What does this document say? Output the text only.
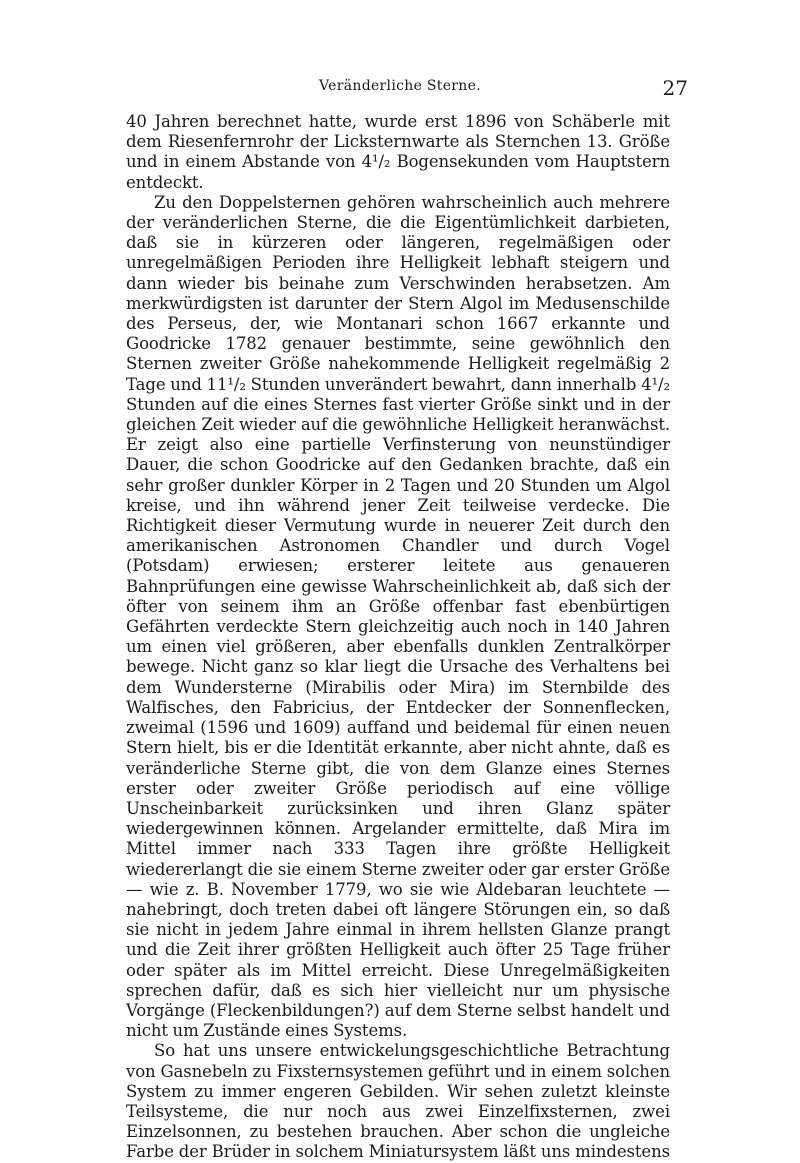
Veränderliche Sterne.	27

40 Jahren berechnet hatte, wurde erst 1896 von Schäberle mit dem Riesenfernrohr der Licksternwarte als Sternchen 13. Größe und in einem Abstande von 4¹/₂ Bogensekunden vom Hauptstern entdeckt.

Zu den Doppelsternen gehören wahrscheinlich auch mehrere der veränderlichen Sterne, die die Eigentümlichkeit darbieten, daß sie in kürzeren oder längeren, regelmäßigen oder unregelmäßigen Perioden ihre Helligkeit lebhaft steigern und dann wieder bis beinahe zum Verschwinden herabsetzen. Am merkwürdigsten ist darunter der Stern Algol im Medusenschilde des Perseus, der, wie Montanari schon 1667 erkannte und Goodricke 1782 genauer bestimmte, seine gewöhnlich den Sternen zweiter Größe nahekommende Helligkeit regelmäßig 2 Tage und 11¹/₂ Stunden unverändert bewahrt, dann innerhalb 4¹/₂ Stunden auf die eines Sternes fast vierter Größe sinkt und in der gleichen Zeit wieder auf die gewöhnliche Helligkeit heranwächst. Er zeigt also eine partielle Verfinsterung von neunstündiger Dauer, die schon Goodricke auf den Gedanken brachte, daß ein sehr großer dunkler Körper in 2 Tagen und 20 Stunden um Algol kreise, und ihn während jener Zeit teilweise verdecke. Die Richtigkeit dieser Vermutung wurde in neuerer Zeit durch den amerikanischen Astronomen Chandler und durch Vogel (Potsdam) erwiesen; ersterer leitete aus genaueren Bahnprüfungen eine gewisse Wahrscheinlichkeit ab, daß sich der öfter von seinem ihm an Größe offenbar fast ebenbürtigen Gefährten verdeckte Stern gleichzeitig auch noch in 140 Jahren um einen viel größeren, aber ebenfalls dunklen Zentralkörper bewege. Nicht ganz so klar liegt die Ursache des Verhaltens bei dem Wundersterne (Mirabilis oder Mira) im Sternbilde des Walfisches, den Fabricius, der Entdecker der Sonnenflecken, zweimal (1596 und 1609) auffand und beidemal für einen neuen Stern hielt, bis er die Identität erkannte, aber nicht ahnte, daß es veränderliche Sterne gibt, die von dem Glanze eines Sternes erster oder zweiter Größe periodisch auf eine völlige Unscheinbarkeit zurücksinken und ihren Glanz später wiedergewinnen können. Argelander ermittelte, daß Mira im Mittel immer nach 333 Tagen ihre größte Helligkeit wiedererlangt die sie einem Sterne zweiter oder gar erster Größe — wie z. B. November 1779, wo sie wie Aldebaran leuchtete — nahebringt, doch treten dabei oft längere Störungen ein, so daß sie nicht in jedem Jahre einmal in ihrem hellsten Glanze prangt und die Zeit ihrer größten Helligkeit auch öfter 25 Tage früher oder später als im Mittel erreicht. Diese Unregelmäßigkeiten sprechen dafür, daß es sich hier vielleicht nur um physische Vorgänge (Fleckenbildungen?) auf dem Sterne selbst handelt und nicht um Zustände eines Systems.

So hat uns unsere entwickelungsgeschichtliche Betrachtung von Gasnebeln zu Fixsternsystemen geführt und in einem solchen System zu immer engeren Gebilden. Wir sehen zuletzt kleinste Teilsysteme, die nur noch aus zwei Einzelfixsternen, zwei Einzelsonnen, zu bestehen brauchen. Aber schon die ungleiche Farbe der Brüder in solchem Miniatursystem läßt uns mindestens
